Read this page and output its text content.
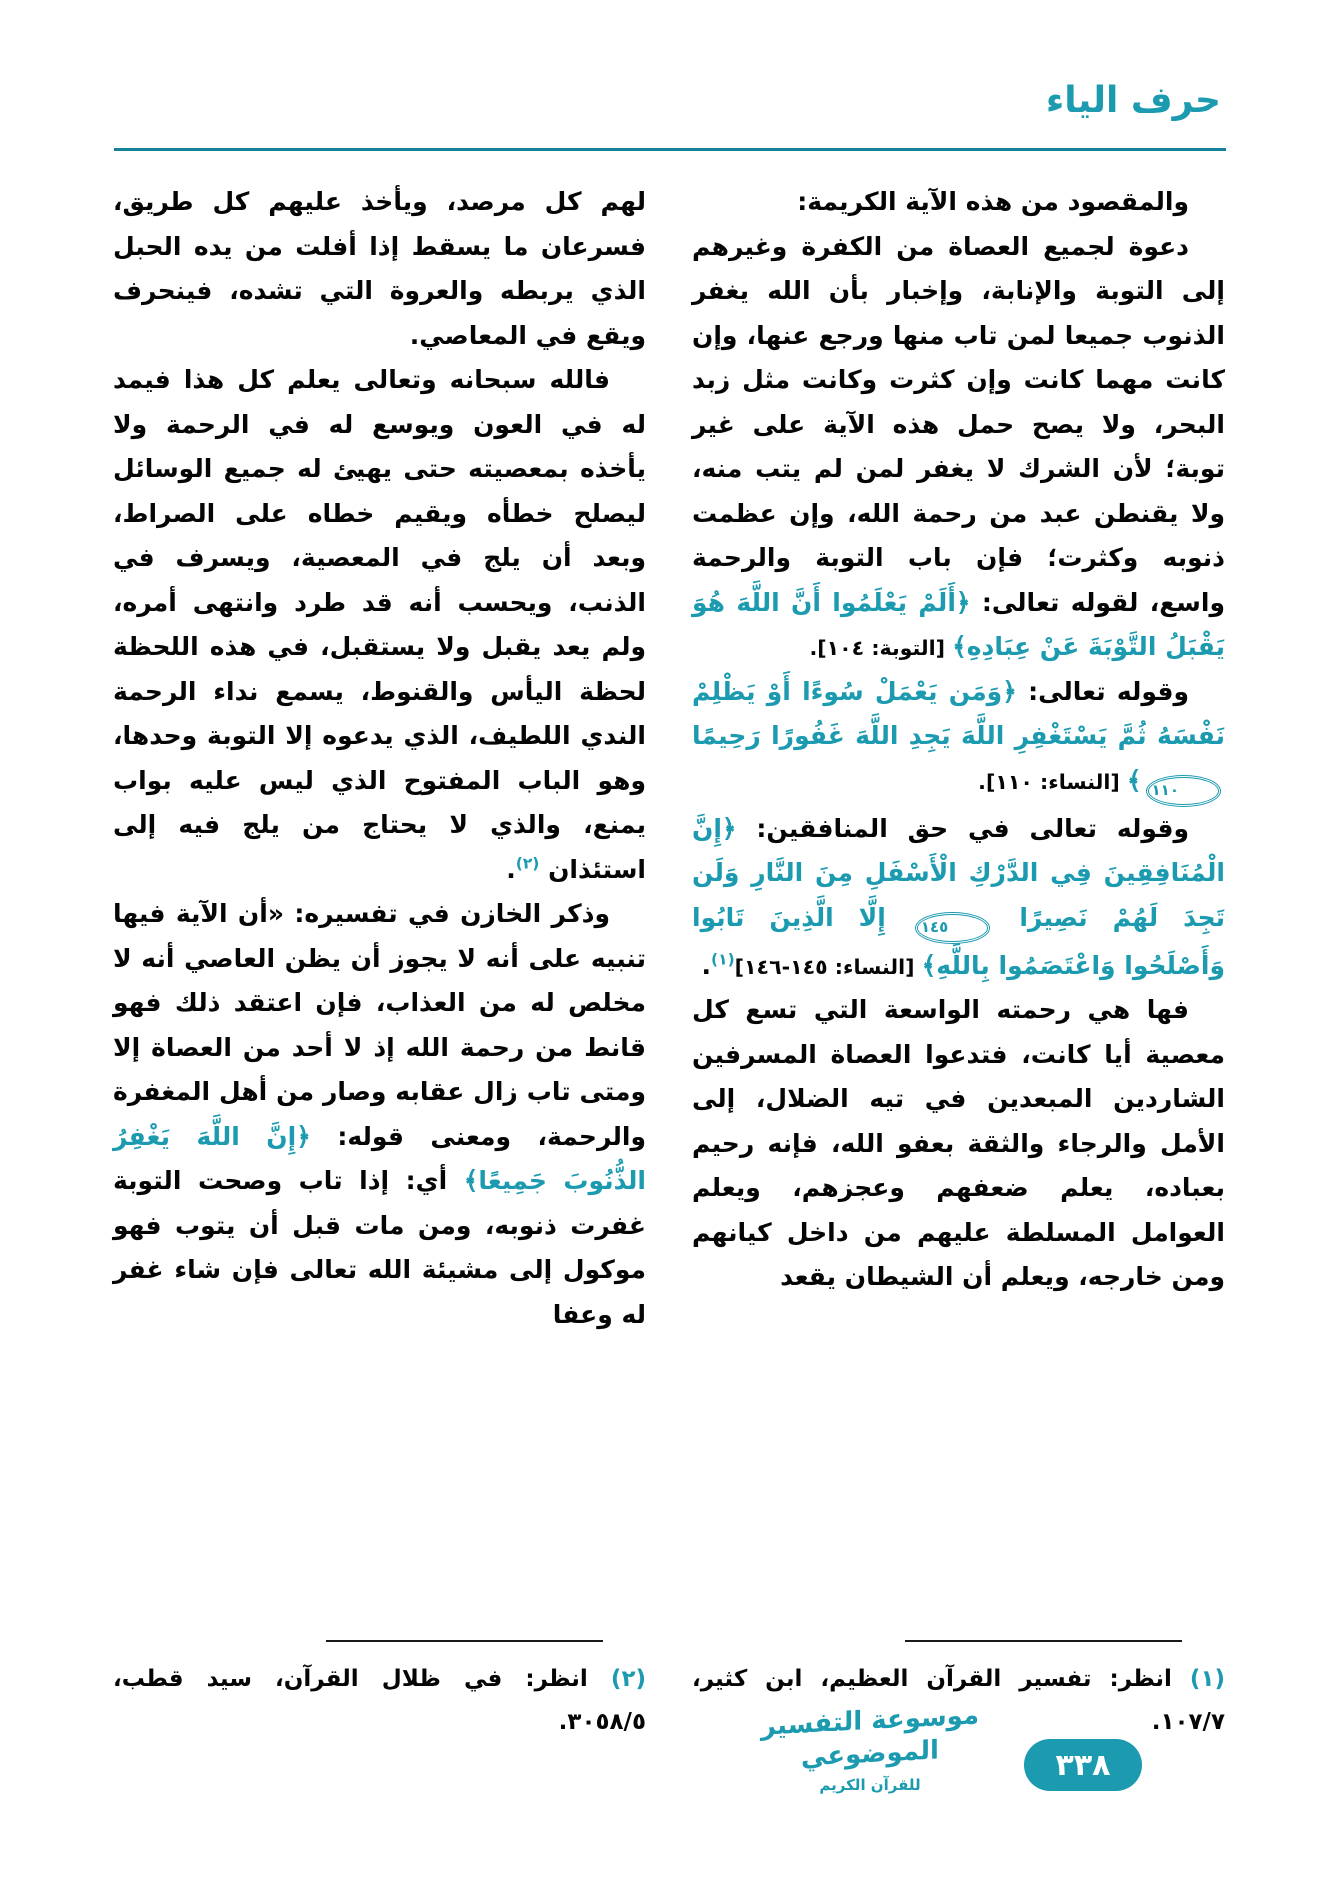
حرف الياء

والمقصود من هذه الآية الكريمة:

دعوة لجميع العصاة من الكفرة وغيرهم إلى التوبة والإنابة، وإخبار بأن الله يغفر الذنوب جميعا لمن تاب منها ورجع عنها، وإن كانت مهما كانت وإن كثرت وكانت مثل زبد البحر، ولا يصح حمل هذه الآية على غير توبة؛ لأن الشرك لا يغفر لمن لم يتب منه، ولا يقنطن عبد من رحمة الله، وإن عظمت ذنوبه وكثرت؛ فإن باب التوبة والرحمة واسع، لقوله تعالى: ﴿أَلَمْ يَعْلَمُوا أَنَّ اللَّهَ هُوَ يَقْبَلُ التَّوْبَةَ عَنْ عِبَادِهِ﴾ [التوبة: ١٠٤].

وقوله تعالى: ﴿وَمَن يَعْمَلْ سُوءًا أَوْ يَظْلِمْ نَفْسَهُ ثُمَّ يَسْتَغْفِرِ اللَّهَ يَجِدِ اللَّهَ غَفُورًا رَحِيمًا ١١٠﴾ [النساء: ١١٠].

وقوله تعالى في حق المنافقين: ﴿إِنَّ الْمُنَافِقِينَ فِي الدَّرْكِ الْأَسْفَلِ مِنَ النَّارِ وَلَن تَجِدَ لَهُمْ نَصِيرًا ١٤٥ إِلَّا الَّذِينَ تَابُوا وَأَصْلَحُوا وَاعْتَصَمُوا بِاللَّهِ﴾ [النساء: ١٤٥-١٤٦]$^{(١)}$.

فها هي رحمته الواسعة التي تسع كل معصية أيا كانت، فتدعوا العصاة المسرفين الشاردين المبعدين في تيه الضلال، إلى الأمل والرجاء والثقة بعفو الله، فإنه رحيم بعباده، يعلم ضعفهم وعجزهم، ويعلم العوامل المسلطة عليهم من داخل كيانهم ومن خارجه، ويعلم أن الشيطان يقعد

لهم كل مرصد، ويأخذ عليهم كل طريق، فسرعان ما يسقط إذا أفلت من يده الحبل الذي يربطه والعروة التي تشده، فينحرف ويقع في المعاصي.

فالله سبحانه وتعالى يعلم كل هذا فيمد له في العون ويوسع له في الرحمة ولا يأخذه بمعصيته حتى يهيئ له جميع الوسائل ليصلح خطأه ويقيم خطاه على الصراط، وبعد أن يلج في المعصية، ويسرف في الذنب، ويحسب أنه قد طرد وانتهى أمره، ولم يعد يقبل ولا يستقبل، في هذه اللحظة لحظة اليأس والقنوط، يسمع نداء الرحمة الندي اللطيف، الذي يدعوه إلا التوبة وحدها، وهو الباب المفتوح الذي ليس عليه بواب يمنع، والذي لا يحتاج من يلج فيه إلى استئذان $^{(٢)}$.

وذكر الخازن في تفسيره: «أن الآية فيها تنبيه على أنه لا يجوز أن يظن العاصي أنه لا مخلص له من العذاب، فإن اعتقد ذلك فهو قانط من رحمة الله إذ لا أحد من العصاة إلا ومتى تاب زال عقابه وصار من أهل المغفرة والرحمة، ومعنى قوله: ﴿إِنَّ اللَّهَ يَغْفِرُ الذُّنُوبَ جَمِيعًا﴾ أي: إذا تاب وصحت التوبة غفرت ذنوبه، ومن مات قبل أن يتوب فهو موكول إلى مشيئة الله تعالى فإن شاء غفر له وعفا

(١) انظر: تفسير القرآن العظيم، ابن كثير، ١٠٧/٧.

(٢) انظر: في ظلال القرآن، سيد قطب، ٣٠٥٨/٥.	موسوعة التفسير الموضوعي
للقرآن الكريم
٣٣٨
